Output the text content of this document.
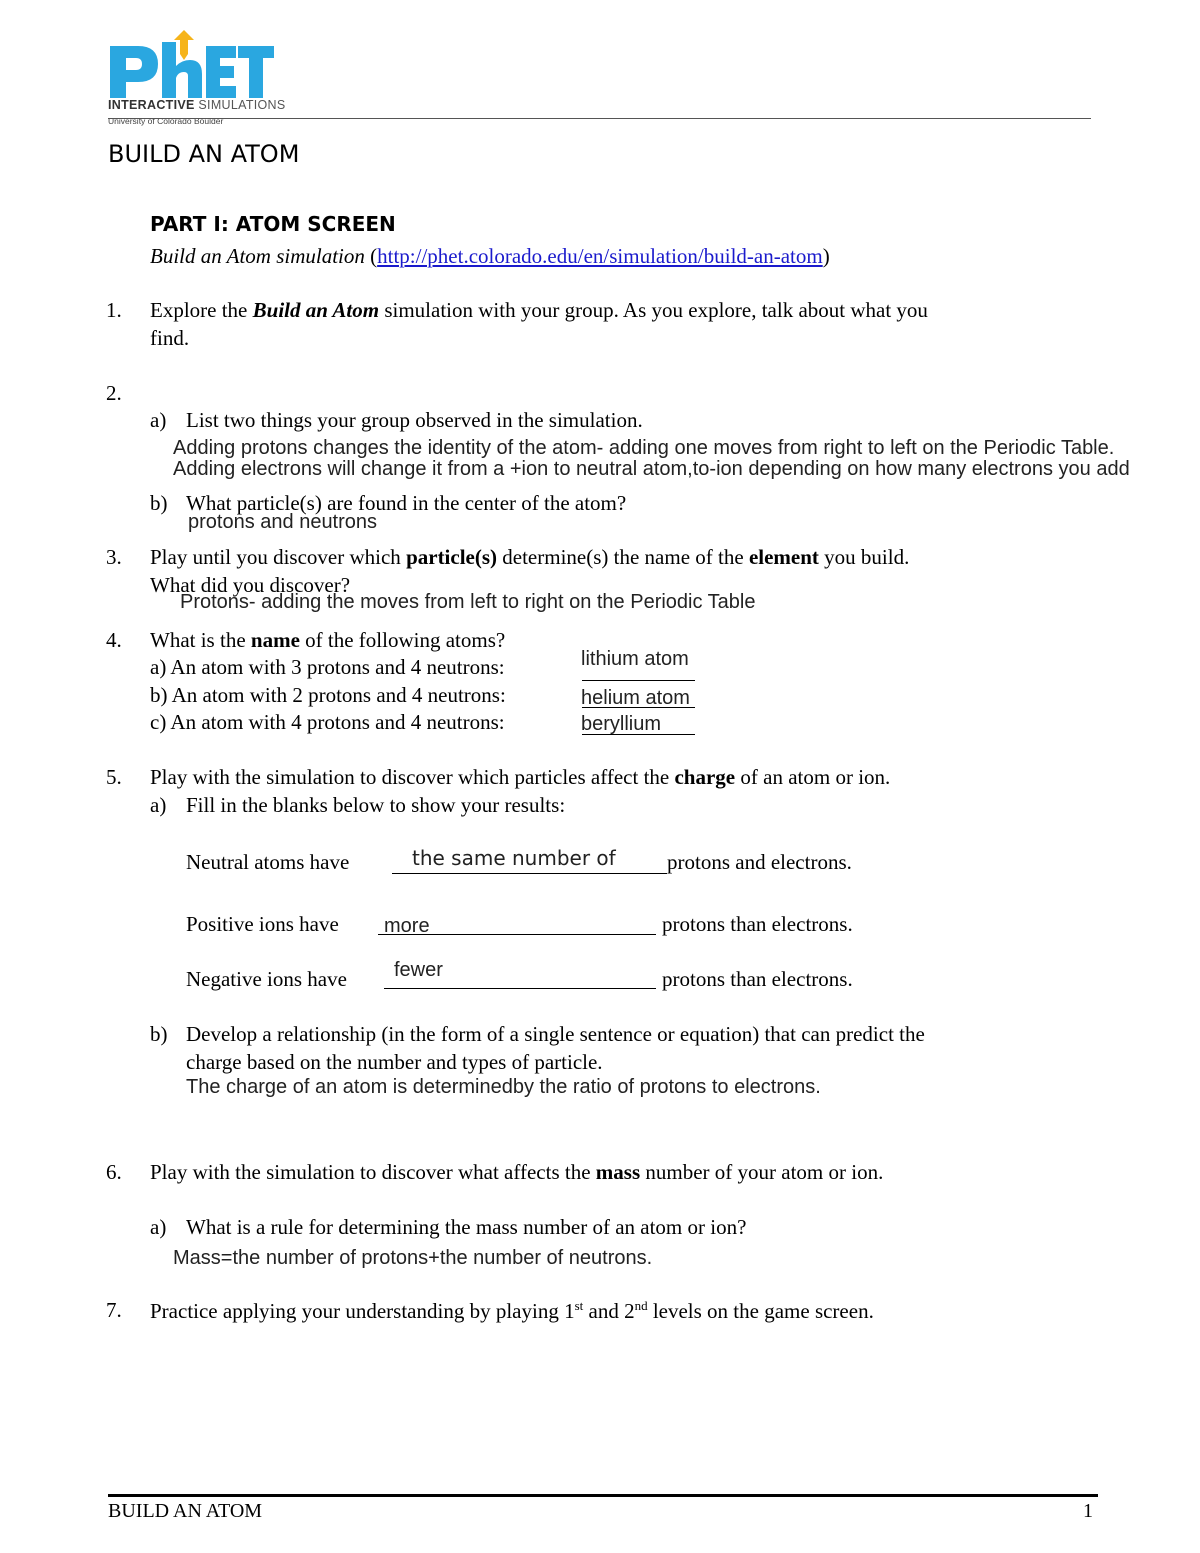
INTERACTIVE SIMULATIONS
University of Colorado Boulder
BUILD AN ATOM
PART I: ATOM SCREEN
Build an Atom simulation (http://phet.colorado.edu/en/simulation/build-an-atom)
1. Explore the Build an Atom simulation with your group. As you explore, talk about what you
find.
2.
a) List two things your group observed in the simulation.
Adding protons changes the identity of the atom- adding one moves from right to left on the Periodic Table.
Adding electrons will change it from a +ion to neutral atom,to-ion depending on how many electrons you add
b) What particle(s) are found in the center of the atom?
protons and neutrons
3. Play until you discover which particle(s) determine(s) the name of the element you build.
What did you discover?
Protons- adding the moves from left to right on the Periodic Table
4. What is the name of the following atoms?
a) An atom with 3 protons and 4 neutrons:	lithium atom
b) An atom with 2 protons and 4 neutrons:	helium atom
c) An atom with 4 protons and 4 neutrons:	beryllium
5. Play with the simulation to discover which particles affect the charge of an atom or ion.
a) Fill in the blanks below to show your results:
Neutral atoms have	the same number of protons and electrons.
Positive ions have more	protons than electrons.
Negative ions have fewer	protons than electrons.
b) Develop a relationship (in the form of a single sentence or equation) that can predict the
charge based on the number and types of particle.
The charge of an atom is determinedby the ratio of protons to electrons.
6. Play with the simulation to discover what affects the mass number of your atom or ion.
a) What is a rule for determining the mass number of an atom or ion?
Mass=the number of protons+the number of neutrons.
7. Practice applying your understanding by playing 1st and 2nd levels on the game screen.
BUILD AN ATOM	1
